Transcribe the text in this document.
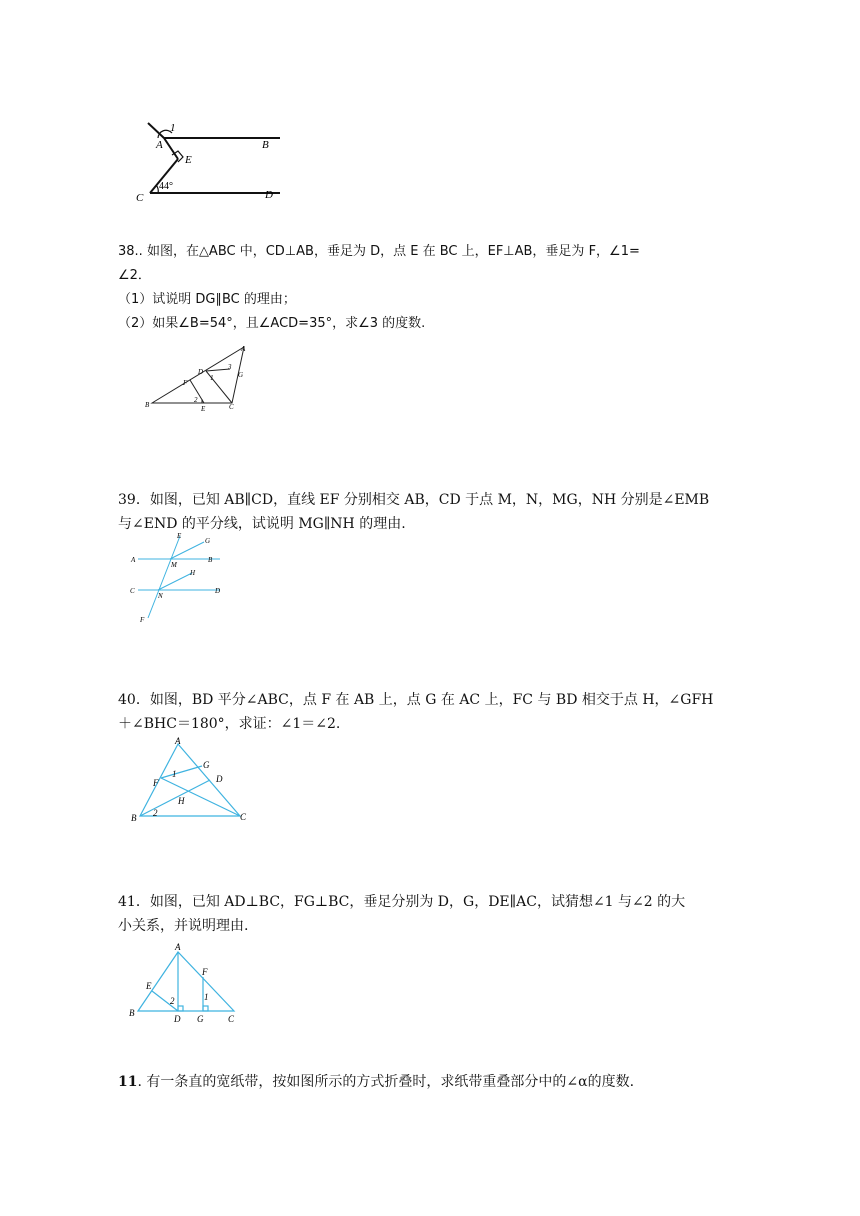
1
A	B
E
C
44°
D
38.. 如图，在△ABC 中，CD⊥AB，垂足为 D，点 E 在 BC 上，EF⊥AB，垂足为 F，∠1=
∠2．
（1）试说明 DG∥BC 的理由；
（2）如果∠B=54°，且∠ACD=35°，求∠3 的度数.
A
B	C
D
E
F
G
1
2
3
39．如图，已知 AB∥CD，直线 EF 分别相交 AB，CD 于点 M，N，MG，NH 分别是∠EMB
与∠END 的平分线，试说明 MG∥NH 的理由.
A	B
C	D
E
F
G
H
M
N
40．如图，BD 平分∠ABC，点 F 在 AB 上，点 G 在 AC 上，FC 与 BD 相交于点 H，∠GFH
＋∠BHC＝180°，求证：∠1＝∠2.
A
B	C
D
F
G
H
1
2
41．如图，已知 AD⊥BC，FG⊥BC，垂足分别为 D，G，DE∥AC，试猜想∠1 与∠2 的大
小关系，并说明理由.
A
B
C
D
E
F
G
1
2
11. 有一条直的宽纸带，按如图所示的方式折叠时，求纸带重叠部分中的∠α的度数.
